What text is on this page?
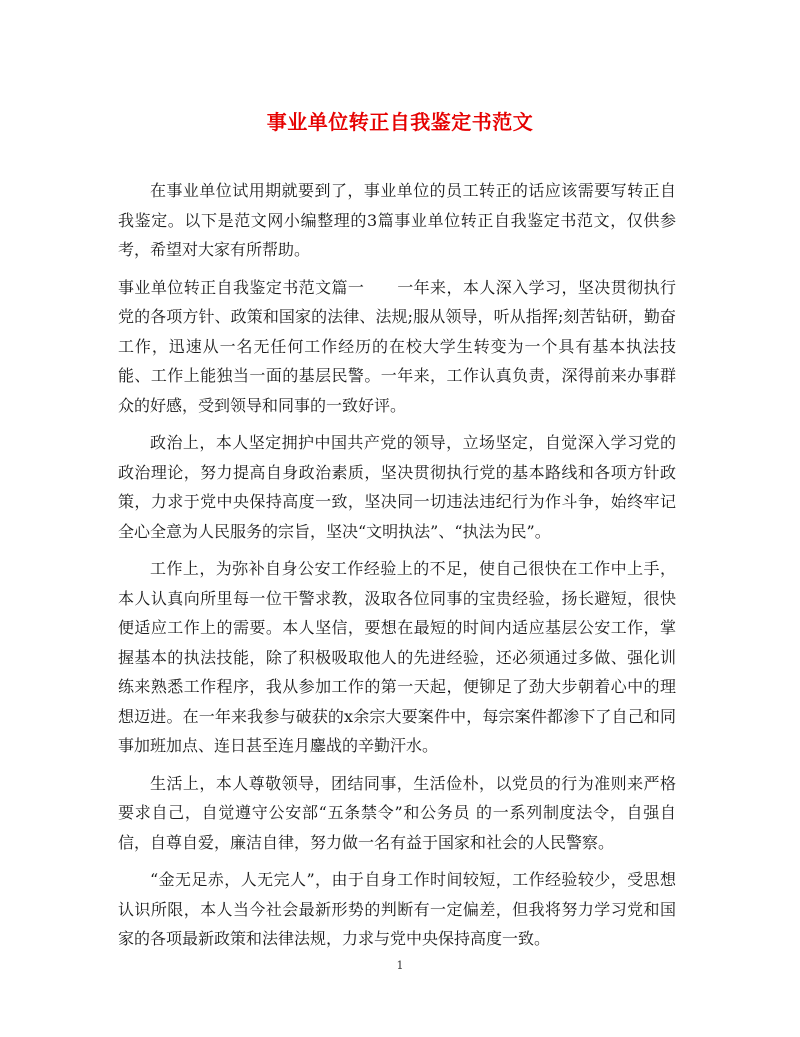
事业单位转正自我鉴定书范文

在事业单位试用期就要到了，事业单位的员工转正的话应该需要写转正自我鉴定。以下是范文网小编整理的3篇事业单位转正自我鉴定书范文，仅供参考，希望对大家有所帮助。

事业单位转正自我鉴定书范文篇一　　一年来，本人深入学习，坚决贯彻执行党的各项方针、政策和国家的法律、法规;服从领导，听从指挥;刻苦钻研，勤奋工作，迅速从一名无任何工作经历的在校大学生转变为一个具有基本执法技能、工作上能独当一面的基层民警。一年来，工作认真负责，深得前来办事群众的好感，受到领导和同事的一致好评。

政治上，本人坚定拥护中国共产党的领导，立场坚定，自觉深入学习党的政治理论，努力提高自身政治素质，坚决贯彻执行党的基本路线和各项方针政策，力求于党中央保持高度一致，坚决同一切违法违纪行为作斗争，始终牢记全心全意为人民服务的宗旨，坚决“文明执法”、“执法为民”。

工作上，为弥补自身公安工作经验上的不足，使自己很快在工作中上手，本人认真向所里每一位干警求教，汲取各位同事的宝贵经验，扬长避短，很快便适应工作上的需要。本人坚信，要想在最短的时间内适应基层公安工作，掌握基本的执法技能，除了积极吸取他人的先进经验，还必须通过多做、强化训练来熟悉工作程序，我从参加工作的第一天起，便铆足了劲大步朝着心中的理想迈进。在一年来我参与破获的x余宗大要案件中，每宗案件都渗下了自己和同事加班加点、连日甚至连月鏖战的辛勤汗水。

生活上，本人尊敬领导，团结同事，生活俭朴，以党员的行为准则来严格要求自己，自觉遵守公安部“五条禁令”和公务员 的一系列制度法令，自强自信，自尊自爱，廉洁自律，努力做一名有益于国家和社会的人民警察。

“金无足赤，人无完人”，由于自身工作时间较短，工作经验较少，受思想认识所限，本人当今社会最新形势的判断有一定偏差，但我将努力学习党和国家的各项最新政策和法律法规，力求与党中央保持高度一致。

1
